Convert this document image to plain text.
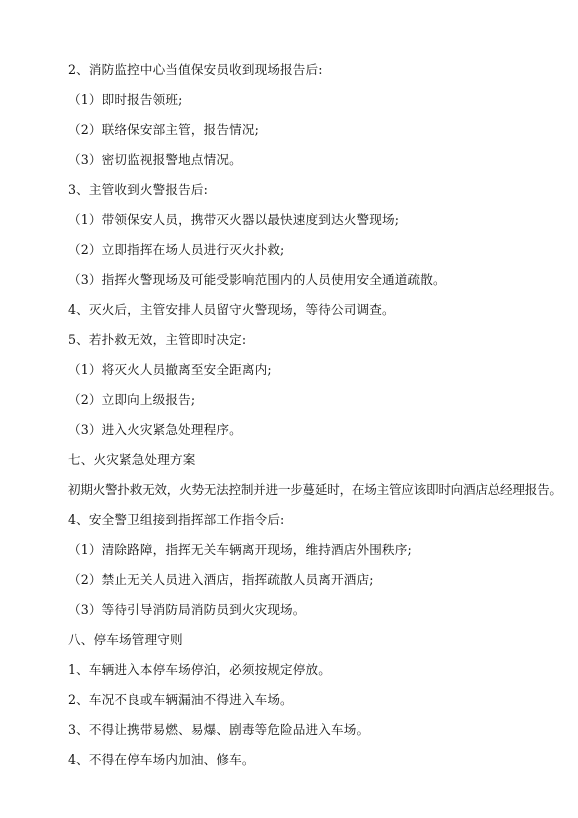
2、消防监控中心当值保安员收到现场报告后:
（1）即时报告领班;
（2）联络保安部主管，报告情况;
（3）密切监视报警地点情况。
3、主管收到火警报告后:
（1）带领保安人员，携带灭火器以最快速度到达火警现场;
（2）立即指挥在场人员进行灭火扑救;
（3）指挥火警现场及可能受影响范围内的人员使用安全通道疏散。
4、灭火后，主管安排人员留守火警现场，等待公司调查。
5、若扑救无效，主管即时决定:
（1）将灭火人员撤离至安全距离内;
（2）立即向上级报告;
（3）进入火灾紧急处理程序。
七、火灾紧急处理方案
初期火警扑救无效，火势无法控制并进一步蔓延时，在场主管应该即时向酒店总经理报告。
4、安全警卫组接到指挥部工作指令后:
（1）清除路障，指挥无关车辆离开现场，维持酒店外围秩序;
（2）禁止无关人员进入酒店，指挥疏散人员离开酒店;
（3）等待引导消防局消防员到火灾现场。
八、停车场管理守则
1、车辆进入本停车场停泊，必须按规定停放。
2、车况不良或车辆漏油不得进入车场。
3、不得让携带易燃、易爆、剧毒等危险品进入车场。
4、不得在停车场内加油、修车。
